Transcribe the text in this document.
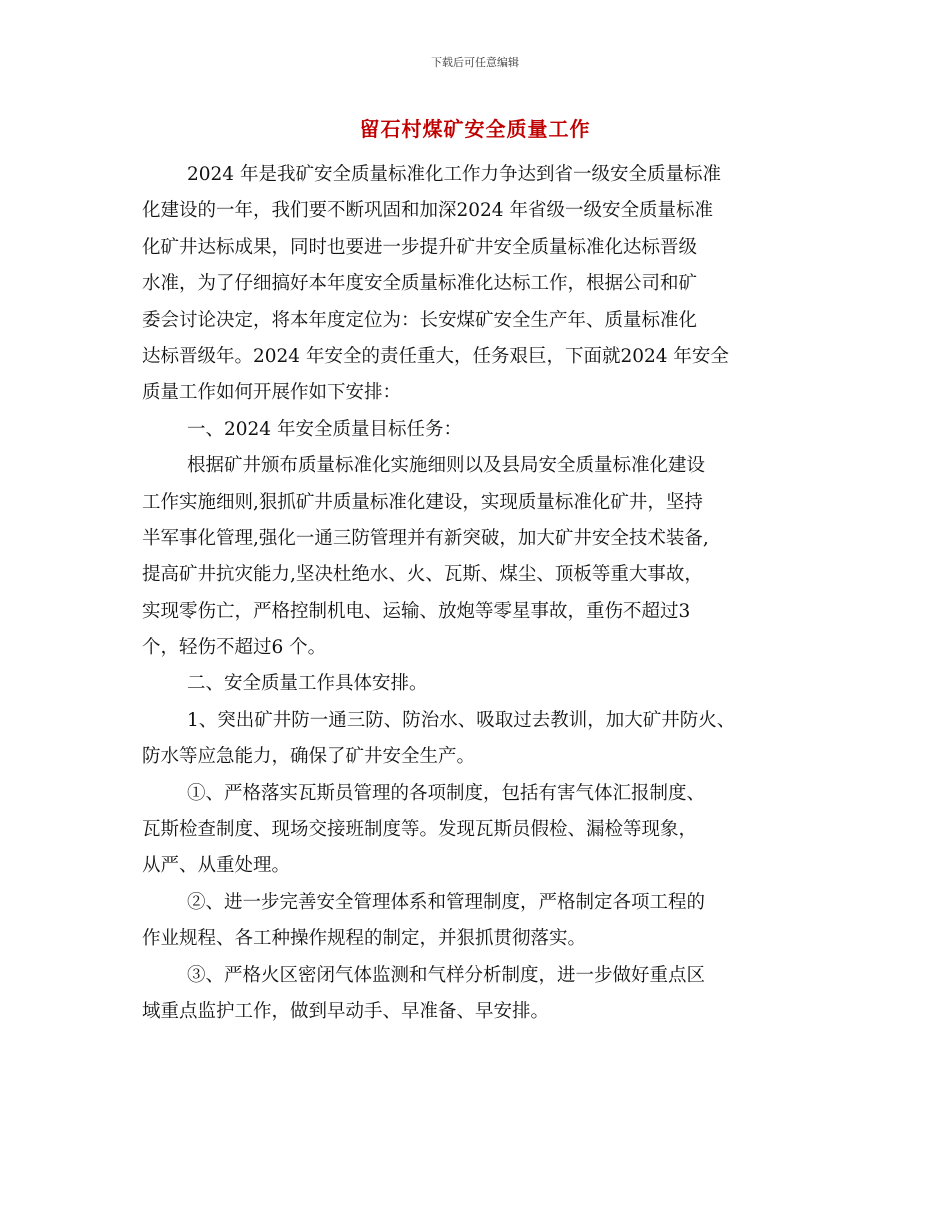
下载后可任意编辑
留石村煤矿安全质量工作
2024 年是我矿安全质量标准化工作力争达到省一级安全质量标准
化建设的一年，我们要不断巩固和加深2024 年省级一级安全质量标准
化矿井达标成果，同时也要进一步提升矿井安全质量标准化达标晋级
水准，为了仔细搞好本年度安全质量标准化达标工作，根据公司和矿
委会讨论决定，将本年度定位为：长安煤矿安全生产年、质量标准化
达标晋级年。2024 年安全的责任重大，任务艰巨，下面就2024 年安全
质量工作如何开展作如下安排：
一、2024 年安全质量目标任务：
根据矿井颁布质量标准化实施细则以及县局安全质量标准化建设
工作实施细则,狠抓矿井质量标准化建设，实现质量标准化矿井，坚持
半军事化管理,强化一通三防管理并有新突破，加大矿井安全技术装备,
提高矿井抗灾能力,坚决杜绝水、火、瓦斯、煤尘、顶板等重大事故，
实现零伤亡，严格控制机电、运输、放炮等零星事故，重伤不超过3
个，轻伤不超过6 个。
二、安全质量工作具体安排。
1、突出矿井防一通三防、防治水、吸取过去教训，加大矿井防火、
防水等应急能力，确保了矿井安全生产。
①、严格落实瓦斯员管理的各项制度，包括有害气体汇报制度、
瓦斯检查制度、现场交接班制度等。发现瓦斯员假检、漏检等现象，
从严、从重处理。
②、进一步完善安全管理体系和管理制度，严格制定各项工程的
作业规程、各工种操作规程的制定，并狠抓贯彻落实。
③、严格火区密闭气体监测和气样分析制度，进一步做好重点区
域重点监护工作，做到早动手、早准备、早安排。
